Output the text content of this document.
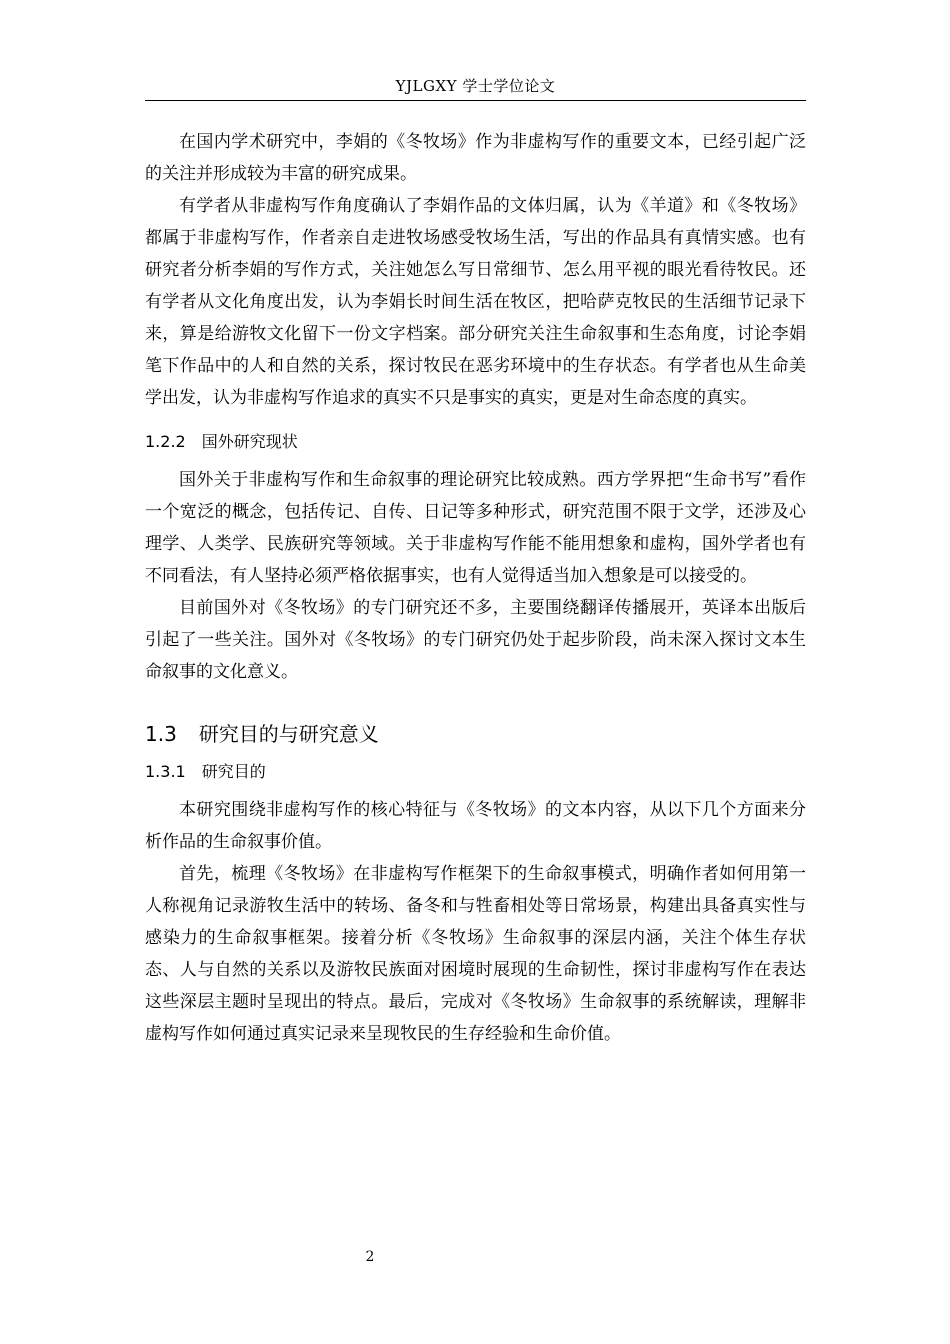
YJLGXY 学士学位论文

在国内学术研究中，李娟的《冬牧场》作为非虚构写作的重要文本，已经引起广泛的关注并形成较为丰富的研究成果。

有学者从非虚构写作角度确认了李娟作品的文体归属，认为《羊道》和《冬牧场》都属于非虚构写作，作者亲自走进牧场感受牧场生活，写出的作品具有真情实感。也有研究者分析李娟的写作方式，关注她怎么写日常细节、怎么用平视的眼光看待牧民。还有学者从文化角度出发，认为李娟长时间生活在牧区，把哈萨克牧民的生活细节记录下来，算是给游牧文化留下一份文字档案。部分研究关注生命叙事和生态角度，讨论李娟笔下作品中的人和自然的关系，探讨牧民在恶劣环境中的生存状态。有学者也从生命美学出发，认为非虚构写作追求的真实不只是事实的真实，更是对生命态度的真实。

1.2.2 国外研究现状

国外关于非虚构写作和生命叙事的理论研究比较成熟。西方学界把“生命书写”看作一个宽泛的概念，包括传记、自传、日记等多种形式，研究范围不限于文学，还涉及心理学、人类学、民族研究等领域。关于非虚构写作能不能用想象和虚构，国外学者也有不同看法，有人坚持必须严格依据事实，也有人觉得适当加入想象是可以接受的。

目前国外对《冬牧场》的专门研究还不多，主要围绕翻译传播展开，英译本出版后引起了一些关注。国外对《冬牧场》的专门研究仍处于起步阶段，尚未深入探讨文本生命叙事的文化意义。

1.3 研究目的与研究意义
1.3.1 研究目的

本研究围绕非虚构写作的核心特征与《冬牧场》的文本内容，从以下几个方面来分析作品的生命叙事价值。

首先，梳理《冬牧场》在非虚构写作框架下的生命叙事模式，明确作者如何用第一人称视角记录游牧生活中的转场、备冬和与牲畜相处等日常场景，构建出具备真实性与感染力的生命叙事框架。接着分析《冬牧场》生命叙事的深层内涵，关注个体生存状态、人与自然的关系以及游牧民族面对困境时展现的生命韧性，探讨非虚构写作在表达这些深层主题时呈现出的特点。最后，完成对《冬牧场》生命叙事的系统解读，理解非虚构写作如何通过真实记录来呈现牧民的生存经验和生命价值。

2
